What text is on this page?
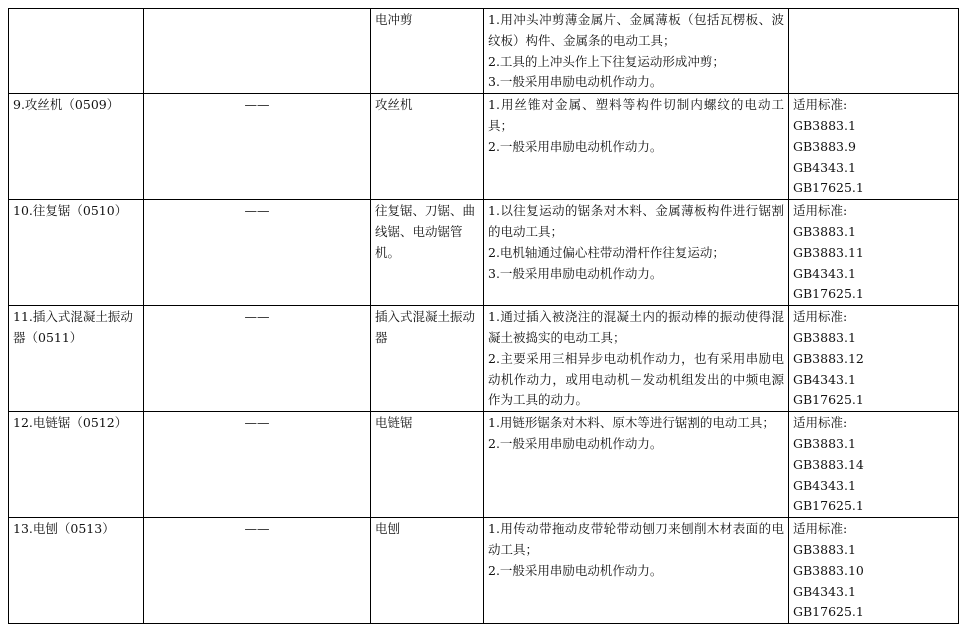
		电冲剪	1.用冲头冲剪薄金属片、金属薄板（包括瓦楞板、波纹板）构件、金属条的电动工具；
2.工具的上冲头作上下往复运动形成冲剪；
3.一般采用串励电动机作动力。	

9.攻丝机（0509）	——	攻丝机	1.用丝锥对金属、塑料等构件切制内螺纹的电动工具；
2.一般采用串励电动机作动力。	适用标准:
GB3883.1
GB3883.9
GB4343.1
GB17625.1

10.往复锯（0510）	——	往复锯、刀锯、曲线锯、电动锯管机。	1.以往复运动的锯条对木料、金属薄板构件进行锯割的电动工具；
2.电机轴通过偏心柱带动滑杆作往复运动；
3.一般采用串励电动机作动力。	适用标准:
GB3883.1
GB3883.11
GB4343.1
GB17625.1

11.插入式混凝土振动器（0511）	——	插入式混凝土振动器	1.通过插入被浇注的混凝土内的振动棒的振动使得混凝土被捣实的电动工具；
2.主要采用三相异步电动机作动力，也有采用串励电动机作动力，或用电动机－发动机组发出的中频电源作为工具的动力。	适用标准:
GB3883.1
GB3883.12
GB4343.1
GB17625.1

12.电链锯（0512）	——	电链锯	1.用链形锯条对木料、原木等进行锯割的电动工具；
2.一般采用串励电动机作动力。	适用标准:
GB3883.1
GB3883.14
GB4343.1
GB17625.1

13.电刨（0513）	——	电刨	1.用传动带拖动皮带轮带动刨刀来刨削木材表面的电动工具；
2.一般采用串励电动机作动力。	适用标准:
GB3883.1
GB3883.10
GB4343.1
GB17625.1
